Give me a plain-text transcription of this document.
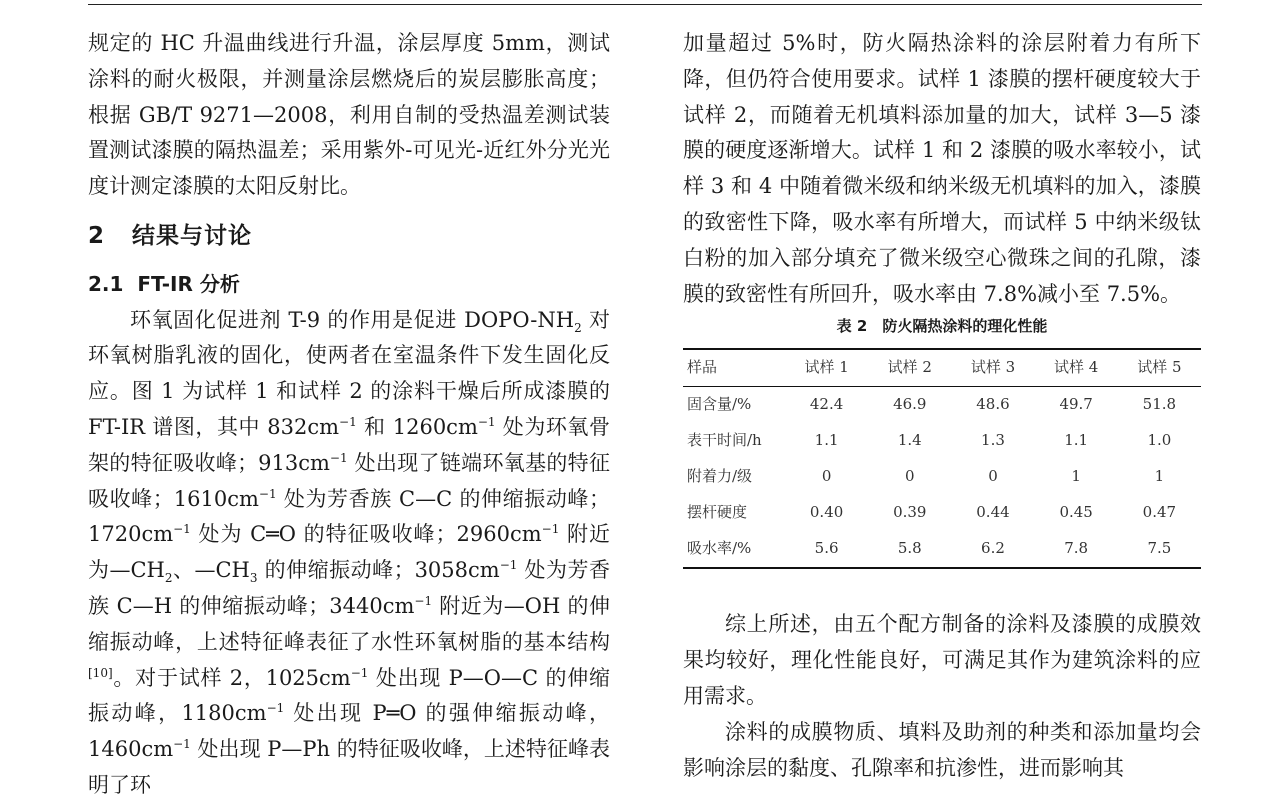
规定的 HC 升温曲线进行升温，涂层厚度 5mm，测试涂料的耐火极限，并测量涂层燃烧后的炭层膨胀高度；根据 GB/T 9271—2008，利用自制的受热温差测试装置测试漆膜的隔热温差；采用紫外-可见光-近红外分光光度计测定漆膜的太阳反射比。

2 结果与讨论
2.1 FT-IR 分析

环氧固化促进剂 T-9 的作用是促进 DOPO-$NH_2$ 对环氧树脂乳液的固化，使两者在室温条件下发生固化反应。图 1 为试样 1 和试样 2 的涂料干燥后所成漆膜的 FT-IR 谱图，其中 $832cm^{-1}$ 和 $1260cm^{-1}$ 处为环氧骨架的特征吸收峰；$913cm^{-1}$ 处出现了链端环氧基的特征吸收峰；$1610cm^{-1}$ 处为芳香族 C—C 的伸缩振动峰；$1720cm^{-1}$ 处为 C═O 的特征吸收峰；$2960cm^{-1}$ 附近为$—CH_2$、$—CH_3$ 的伸缩振动峰；$3058cm^{-1}$ 处为芳香族 C—H 的伸缩振动峰；$3440cm^{-1}$ 附近为—OH 的伸缩振动峰，上述特征峰表征了水性环氧树脂的基本结构[10]。对于试样 2，$1025cm^{-1}$ 处出现 P—O—C 的伸缩振动峰，$1180cm^{-1}$ 处出现 P═O 的强伸缩振动峰，$1460cm^{-1}$ 处出现 P—Ph 的特征吸收峰，上述特征峰表明了环

加量超过 5%时，防火隔热涂料的涂层附着力有所下降，但仍符合使用要求。试样 1 漆膜的摆杆硬度较大于试样 2，而随着无机填料添加量的加大，试样 3—5 漆膜的硬度逐渐增大。试样 1 和 2 漆膜的吸水率较小，试样 3 和 4 中随着微米级和纳米级无机填料的加入，漆膜的致密性下降，吸水率有所增大，而试样 5 中纳米级钛白粉的加入部分填充了微米级空心微珠之间的孔隙，漆膜的致密性有所回升，吸水率由 7.8%减小至 7.5%。

表 2　防火隔热涂料的理化性能
样品	试样 1	试样 2	试样 3	试样 4	试样 5
固含量/%	42.4	46.9	48.6	49.7	51.8
表干时间/h	1.1	1.4	1.3	1.1	1.0
附着力/级	0	0	0	1	1
摆杆硬度	0.40	0.39	0.44	0.45	0.47
吸水率/%	5.6	5.8	6.2	7.8	7.5

综上所述，由五个配方制备的涂料及漆膜的成膜效果均较好，理化性能良好，可满足其作为建筑涂料的应用需求。

涂料的成膜物质、填料及助剂的种类和添加量均会影响涂层的黏度、孔隙率和抗渗性，进而影响其
